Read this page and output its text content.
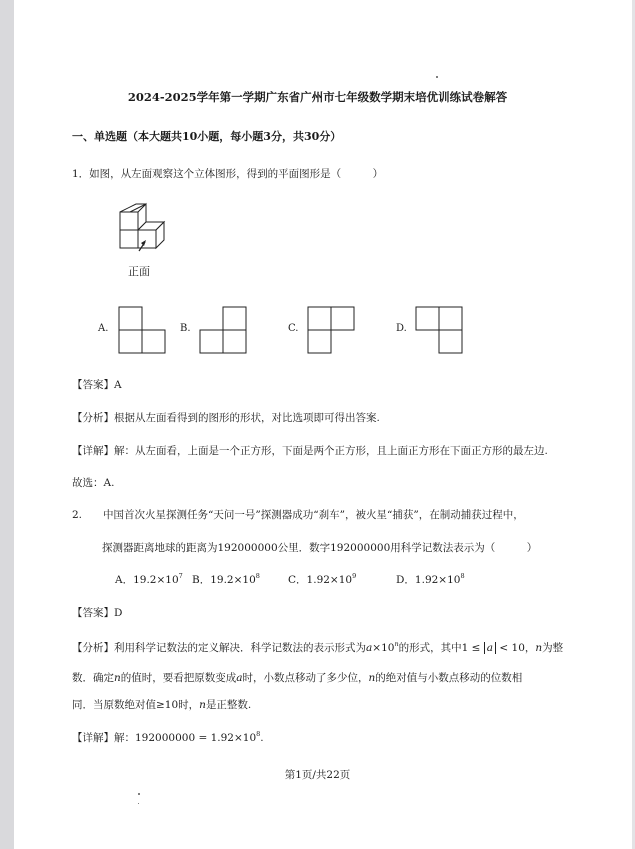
2024-2025学年第一学期广东省广州市七年级数学期末培优训练试卷解答
一、单选题（本大题共10小题，每小题3分，共30分）
1．如图，从左面观察这个立体图形，得到的平面图形是（　　　）
正面
A.	B.	C.	D.
【答案】A
【分析】根据从左面看得到的图形的形状，对比选项即可得出答案.
【详解】解：从左面看，上面是一个正方形，下面是两个正方形，且上面正方形在下面正方形的最左边.
故选：A.
2.　　中国首次火星探测任务“天问一号”探测器成功“刹车”，被火星“捕获”，在制动捕获过程中，
探测器距离地球的距离为192000000公里．数字192000000用科学记数法表示为（　　　）
A．$19.2\times 10^7$ B．$19.2\times 10^8$	C．$1.92\times 10^9$	D．$1.92\times 10^8$
【答案】D
【分析】利用科学记数法的定义解决．科学记数法的表示形式为$a\times 10^n$的形式，其中1 ≤ a < 10，n为整
数．确定n的值时，要看把原数变成a时，小数点移动了多少位，n的绝对值与小数点移动的位数相
同．当原数绝对值≥10时，n是正整数.
【详解】解：$192000000 = 1.92\times 10^8$.
第1页/共22页
